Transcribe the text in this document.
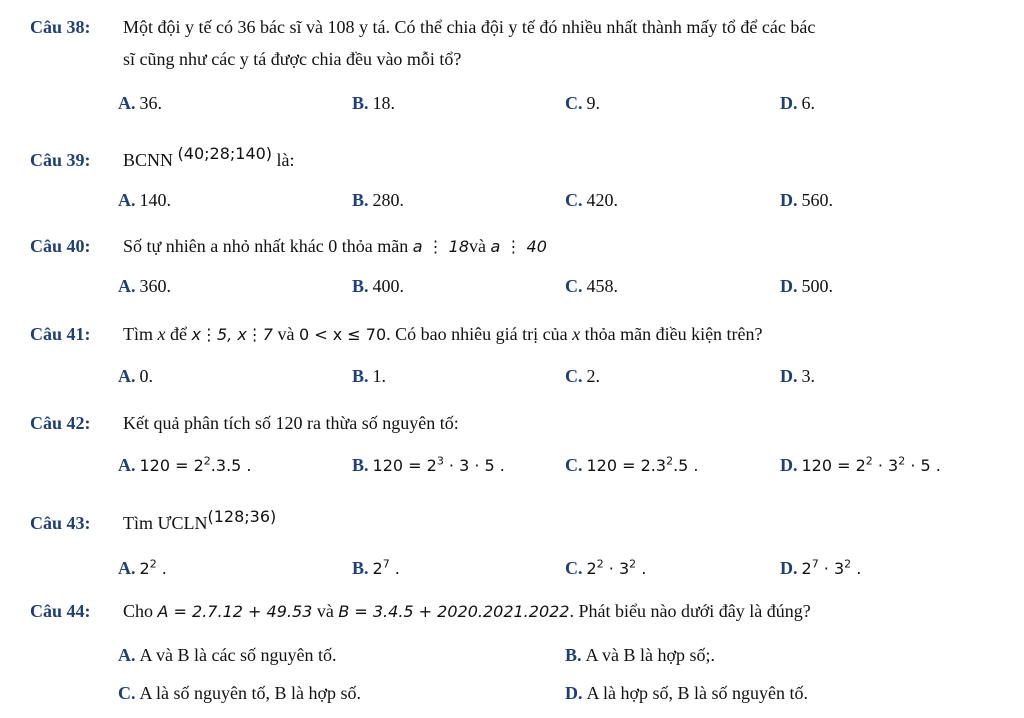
Câu 38: Một đội y tế có 36 bác sĩ và 108 y tá. Có thể chia đội y tế đó nhiều nhất thành mấy tổ để các bác
sĩ cũng như các y tá được chia đều vào mỗi tổ?
A. 36.	B. 18.	C. 9.	D. 6.
Câu 39: BCNN (40;28;140) là:
A. 140.	B. 280.	C. 420.	D. 560.
Câu 40: Số tự nhiên a nhỏ nhất khác 0 thỏa mãn a ⋮ 18và a ⋮ 40
A. 360.	B. 400.	C. 458.	D. 500.
Câu 41: Tìm x để x⋮5, x⋮7 và 0 < x ≤ 70. Có bao nhiêu giá trị của x thỏa mãn điều kiện trên?
A. 0.	B. 1.	C. 2.	D. 3.
Câu 42: Kết quả phân tích số 120 ra thừa số nguyên tố:
A. $120 = 2^2.3.5$ .	B. $120 = 2^3 \cdot 3 \cdot 5$ .	C. $120 = 2.3^2.5$ .	D. $120 = 2^2 \cdot 3^2 \cdot 5$ .
Câu 43: Tìm ƯCLN(128;36)
A. $2^2$ .	B. $2^7$ .	C. $2^2 \cdot 3^2$ .	D. $2^7 \cdot 3^2$ .
Câu 44: Cho A = 2.7.12 + 49.53 và B = 3.4.5 + 2020.2021.2022. Phát biểu nào dưới đây là đúng?
A. A và B là các số nguyên tố.	B. A và B là hợp số;.
C. A là số nguyên tố, B là hợp số.	D. A là hợp số, B là số nguyên tố.
